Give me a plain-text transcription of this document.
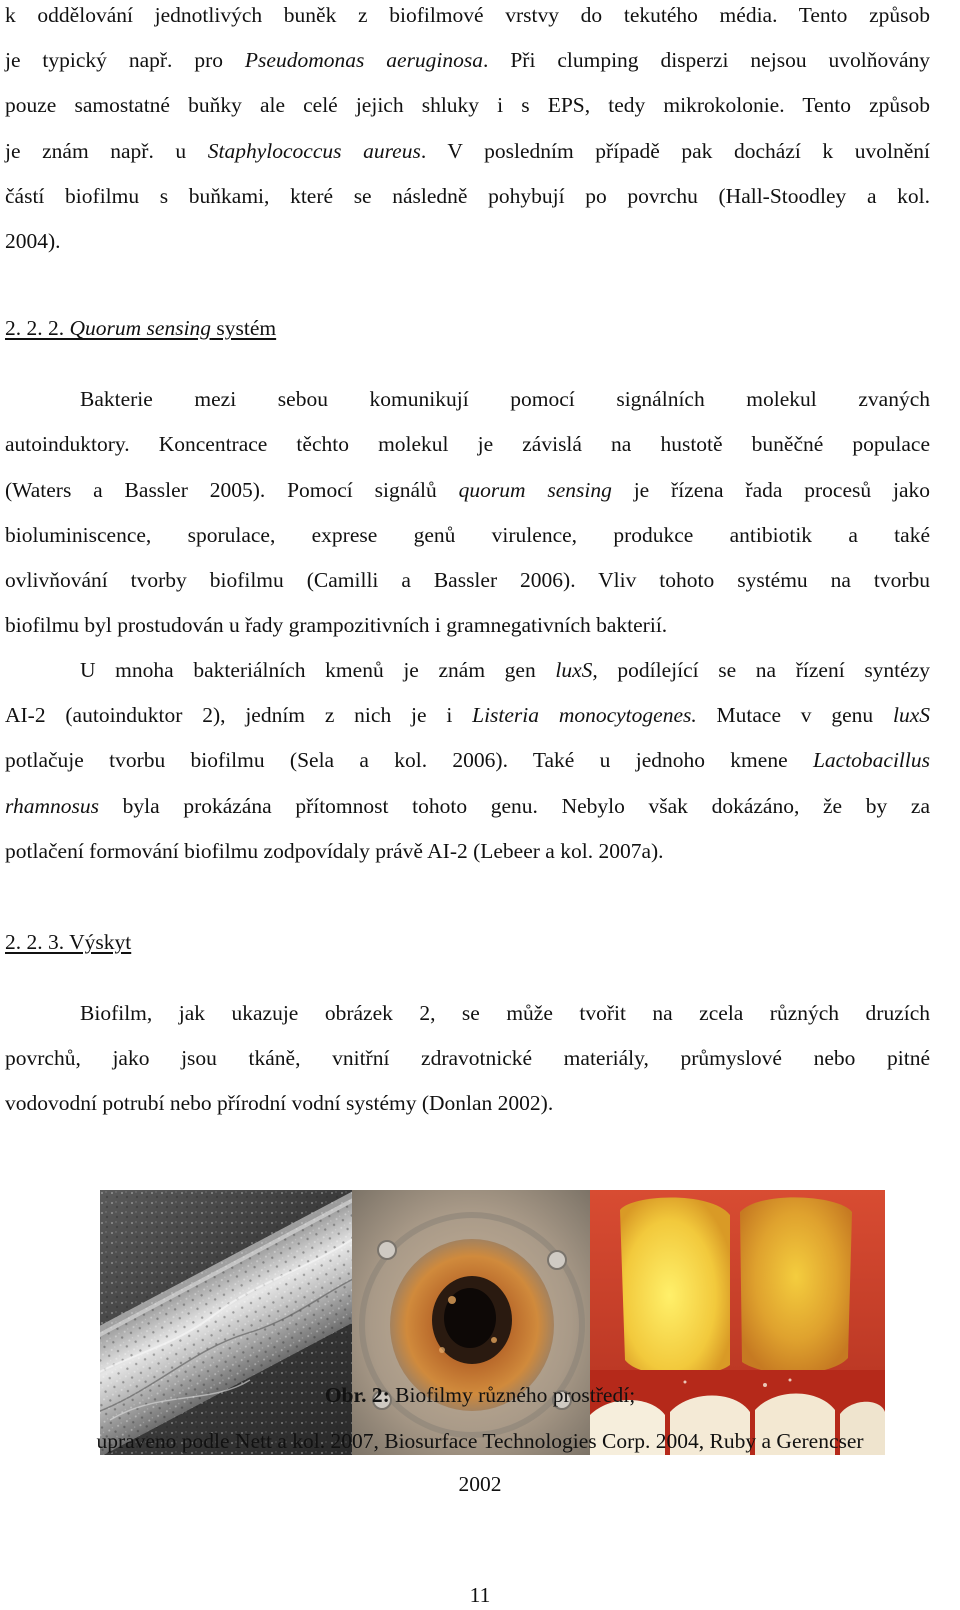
k oddělování jednotlivých buněk z biofilmové vrstvy do tekutého média. Tento způsob
je typický např. pro Pseudomonas aeruginosa. Při clumping disperzi nejsou uvolňovány
pouze samostatné buňky ale celé jejich shluky i s EPS, tedy mikrokolonie. Tento způsob
je znám např. u Staphylococcus aureus. V posledním případě pak dochází k uvolnění
částí biofilmu s buňkami, které se následně pohybují po povrchu (Hall-Stoodley a kol.
2004).
2. 2. 2. Quorum sensing systém
Bakterie mezi sebou komunikují pomocí signálních molekul zvaných
autoinduktory. Koncentrace těchto molekul je závislá na hustotě buněčné populace
(Waters a Bassler 2005). Pomocí signálů quorum sensing je řízena řada procesů jako
bioluminiscence, sporulace, exprese genů virulence, produkce antibiotik a také
ovlivňování tvorby biofilmu (Camilli a Bassler 2006). Vliv tohoto systému na tvorbu
biofilmu byl prostudován u řady grampozitivních i gramnegativních bakterií.
U mnoha bakteriálních kmenů je znám gen luxS, podílející se na řízení syntézy
AI-2 (autoinduktor 2), jedním z nich je i Listeria monocytogenes. Mutace v genu luxS
potlačuje tvorbu biofilmu (Sela a kol. 2006). Také u jednoho kmene Lactobacillus
rhamnosus byla prokázána přítomnost tohoto genu. Nebylo však dokázáno, že by za
potlačení formování biofilmu zodpovídaly právě AI-2 (Lebeer a kol. 2007a).
2. 2. 3. Výskyt
Biofilm, jak ukazuje obrázek 2, se může tvořit na zcela různých druzích
povrchů, jako jsou tkáně, vnitřní zdravotnické materiály, průmyslové nebo pitné
vodovodní potrubí nebo přírodní vodní systémy (Donlan 2002).
Obr. 2: Biofilmy různého prostředí;
upraveno podle Nett a kol. 2007, Biosurface Technologies Corp. 2004, Ruby a Gerencser
2002
11
